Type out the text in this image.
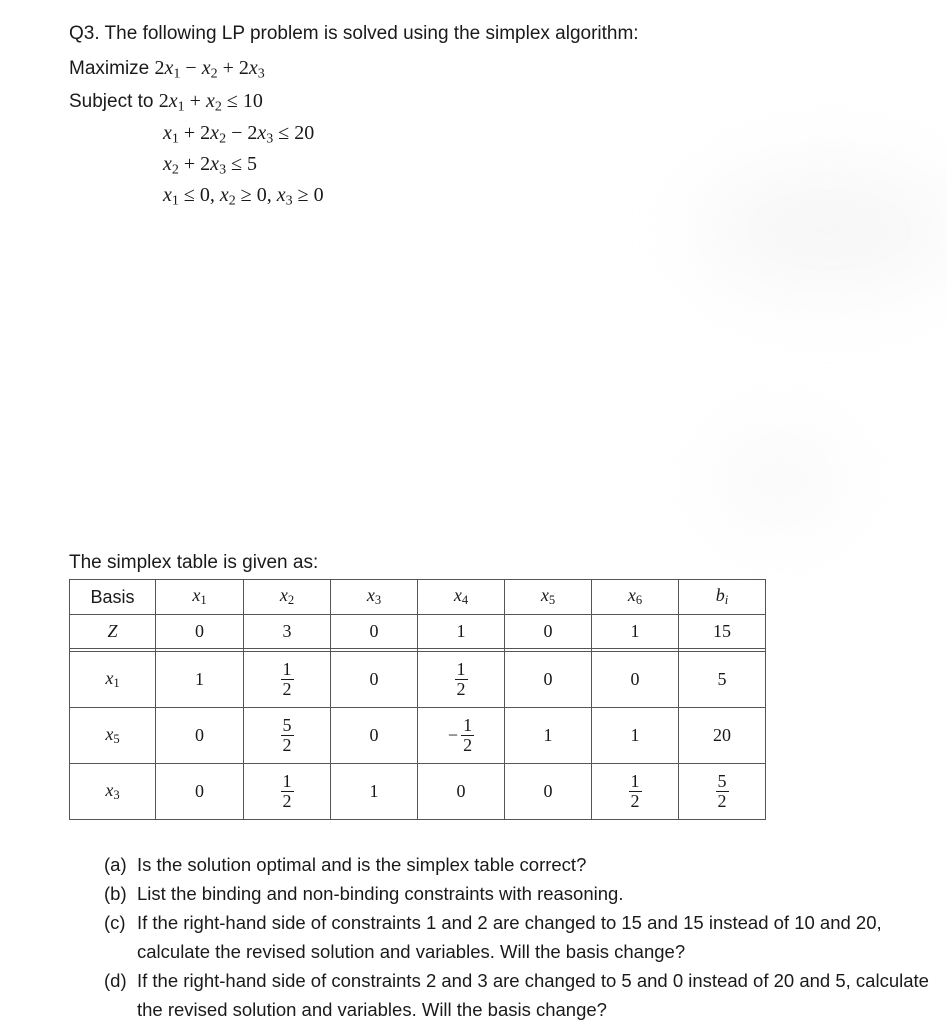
Q3. The following LP problem is solved using the simplex algorithm:
Maximize $2x_1 - x_2 + 2x_3$
Subject to $2x_1 + x_2 \le 10$
$x_1 + 2x_2 - 2x_3 \le 20$
$x_2 + 2x_3 \le 5$
$x_1 \le 0$, $x_2 \ge 0$, $x_3 \ge 0$
The simplex table is given as:
Basis	$x_1$	$x_2$	$x_3$	$x_4$	$x_5$	$x_6$	$b_i$
Z	0	3	0	1	0	1	15

$x_1$	1	$\frac{1}{2}$	0	$\frac{1}{2}$	0	0	5
$x_5$	0	$\frac{5}{2}$	0	− $\frac{1}{2}$	1	1	20
$x_3$	0	$\frac{1}{2}$	1	0	0	$\frac{1}{2}$	$\frac{5}{2}$
(a) Is the solution optimal and is the simplex table correct?
(b) List the binding and non-binding constraints with reasoning.
(c) If the right-hand side of constraints 1 and 2 are changed to 15 and 15 instead of 10 and 20, calculate the revised solution and variables. Will the basis change?
(d) If the right-hand side of constraints 2 and 3 are changed to 5 and 0 instead of 20 and 5, calculate the revised solution and variables. Will the basis change?
